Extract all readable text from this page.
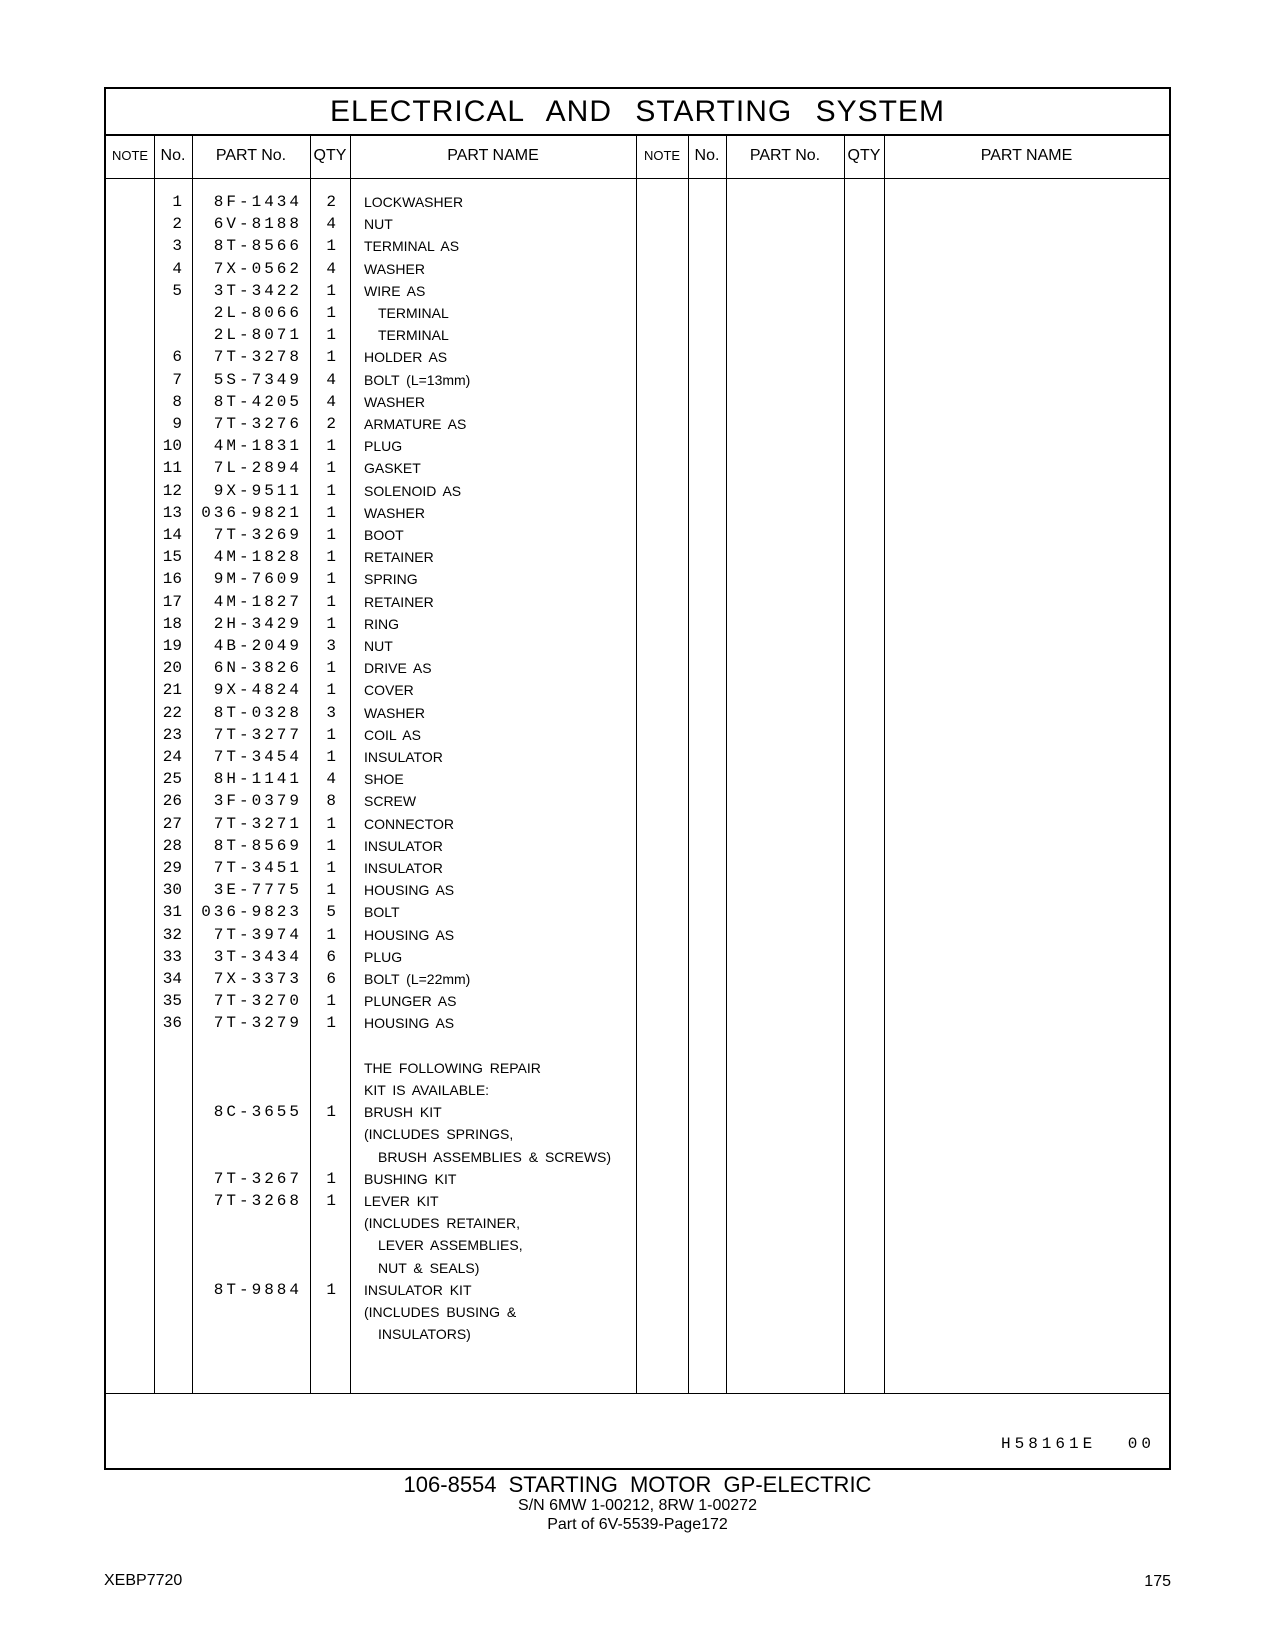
ELECTRICAL AND STARTING SYSTEM
NOTE No.	PART No.	QTY	PART NAME	NOTE No.	PART No.	QTY	PART NAME
1	8F-1434	2 LOCKWASHER
2	6V-8188	4 NUT
3	8T-8566	1 TERMINAL AS
4	7X-0562	4 WASHER
5	3T-3422	1 WIRE AS
2L-8066	1	TERMINAL
2L-8071	1	TERMINAL
6	7T-3278	1 HOLDER AS
7	5S-7349	4 BOLT (L=13mm)
8	8T-4205	4 WASHER
9	7T-3276	2 ARMATURE AS
10	4M-1831	1 PLUG
11	7L-2894	1 GASKET
12	9X-9511	1 SOLENOID AS
13	036-9821	1 WASHER
14	7T-3269	1 BOOT
15	4M-1828	1 RETAINER
16	9M-7609	1 SPRING
17	4M-1827	1 RETAINER
18	2H-3429	1 RING
19	4B-2049	3 NUT
20	6N-3826	1 DRIVE AS
21	9X-4824	1 COVER
22	8T-0328	3 WASHER
23	7T-3277	1 COIL AS
24	7T-3454	1 INSULATOR
25	8H-1141	4 SHOE
26	3F-0379	8 SCREW
27	7T-3271	1 CONNECTOR
28	8T-8569	1 INSULATOR
29	7T-3451	1 INSULATOR
30	3E-7775	1 HOUSING AS
31	036-9823	5 BOLT
32	7T-3974	1 HOUSING AS
33	3T-3434	6 PLUG
34	7X-3373	6 BOLT (L=22mm)
35	7T-3270	1 PLUNGER AS
36	7T-3279	1 HOUSING AS
THE FOLLOWING REPAIR
KIT IS AVAILABLE:
8C-3655	1 BRUSH KIT
(INCLUDES SPRINGS,
BRUSH ASSEMBLIES & SCREWS)
7T-3267	1 BUSHING KIT
7T-3268	1 LEVER KIT
(INCLUDES RETAINER,
LEVER ASSEMBLIES,
NUT & SEALS)
8T-9884	1 INSULATOR KIT
(INCLUDES BUSING &
INSULATORS)
H58161E 00
106-8554 STARTING MOTOR GP-ELECTRIC
S/N 6MW 1-00212, 8RW 1-00272
Part of 6V-5539-Page172
XEBP7720	175
